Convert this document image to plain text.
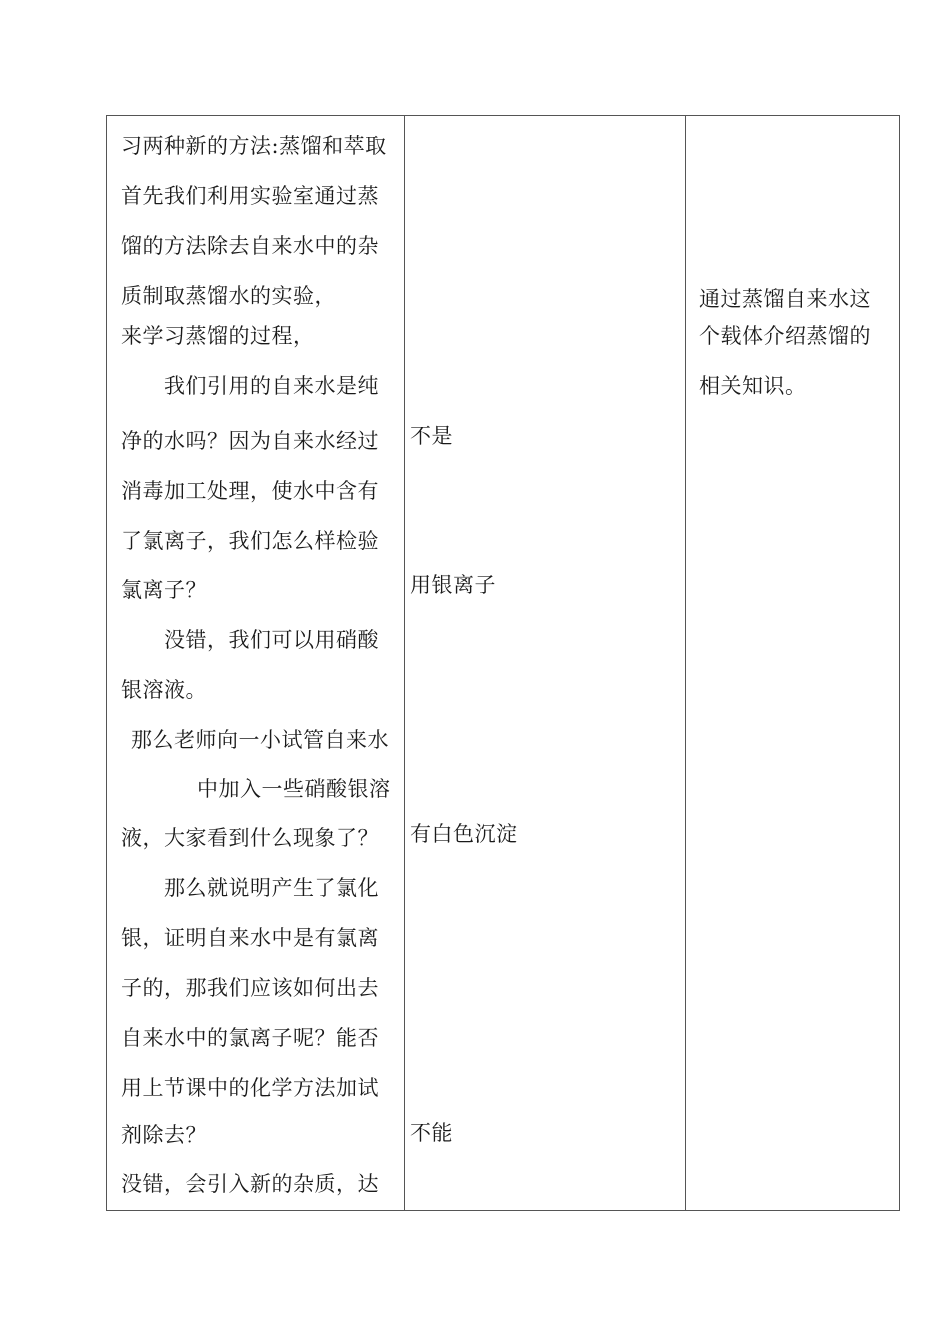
习两种新的方法:蒸馏和萃取
首先我们利用实验室通过蒸
馏的方法除去自来水中的杂
质制取蒸馏水的实验，
来学习蒸馏的过程，
我们引用的自来水是纯
净的水吗？因为自来水经过
消毒加工处理，使水中含有
了氯离子，我们怎么样检验
氯离子？
没错，我们可以用硝酸
银溶液。
那么老师向一小试管自来水
中加入一些硝酸银溶
液，大家看到什么现象了？
那么就说明产生了氯化
银，证明自来水中是有氯离
子的，那我们应该如何出去
自来水中的氯离子呢？能否
用上节课中的化学方法加试
剂除去？
没错，会引入新的杂质，达
不是
用银离子
有白色沉淀
不能
通过蒸馏自来水这
个载体介绍蒸馏的
相关知识。
